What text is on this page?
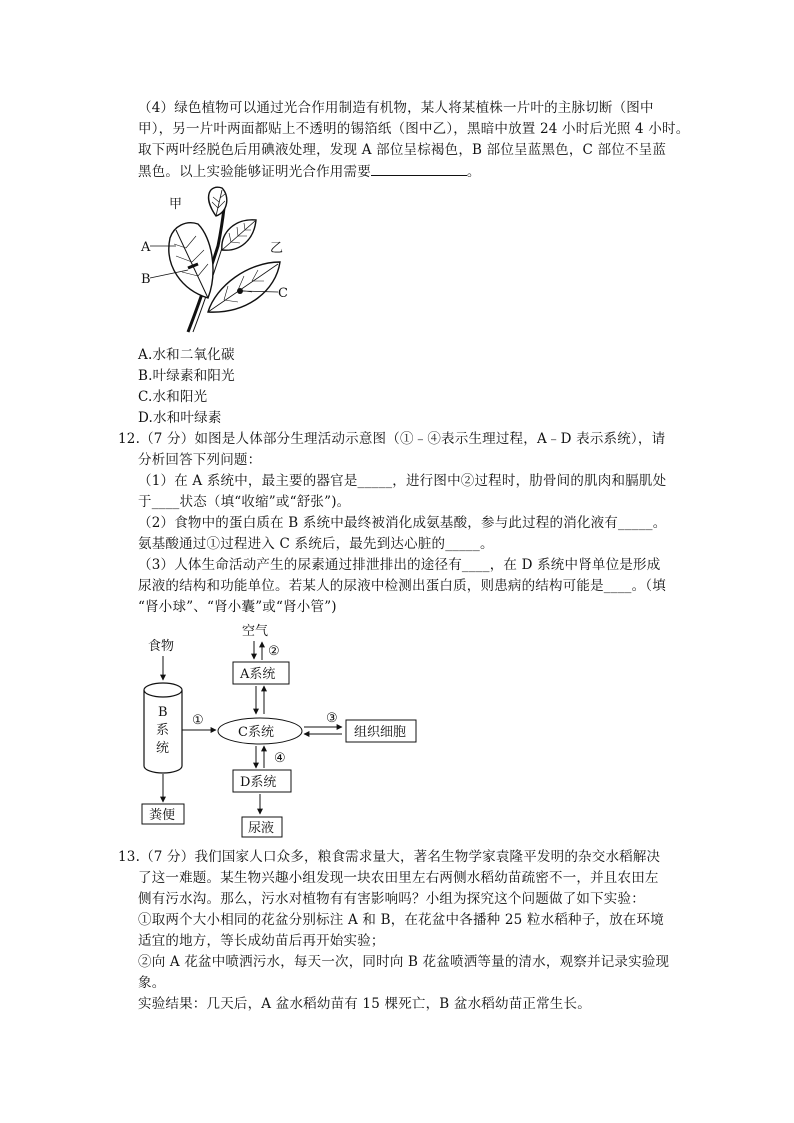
（4）绿色植物可以通过光合作用制造有机物，某人将某植株一片叶的主脉切断（图中
甲），另一片叶两面都贴上不透明的锡箔纸（图中乙），黑暗中放置 24 小时后光照 4 小时。
取下两叶经脱色后用碘液处理，发现 A 部位呈棕褐色，B 部位呈蓝黑色，C 部位不呈蓝
黑色。以上实验能够证明光合作用需要	。
甲
A
B
乙
C
A.水和二氧化碳
B.叶绿素和阳光
C.水和阳光
D.水和叶绿素
12.（7 分）如图是人体部分生理活动示意图（①﹣④表示生理过程，A﹣D 表示系统），请
分析回答下列问题：
（1）在 A 系统中，最主要的器官是_____，进行图中②过程时，肋骨间的肌肉和膈肌处
于____状态（填“收缩”或“舒张”)。
（2）食物中的蛋白质在 B 系统中最终被消化成氨基酸，参与此过程的消化液有_____。
氨基酸通过①过程进入 C 系统后，最先到达心脏的_____。
（3）人体生命活动产生的尿素通过排泄排出的途径有____，在 D 系统中肾单位是形成
尿液的结构和功能单位。若某人的尿液中检测出蛋白质，则患病的结构可能是____。（填
“肾小球”、“肾小囊”或“肾小管”)
食物
B
系
统
粪便
①
空气
②
A系统
C系统
③
组织细胞
④
D系统
尿液
13.（7 分）我们国家人口众多，粮食需求量大，著名生物学家袁隆平发明的杂交水稻解决
了这一难题。某生物兴趣小组发现一块农田里左右两侧水稻幼苗疏密不一，并且农田左
侧有污水沟。那么，污水对植物有有害影响吗？小组为探究这个问题做了如下实验：
①取两个大小相同的花盆分别标注 A 和 B，在花盆中各播种 25 粒水稻种子，放在环境
适宜的地方，等长成幼苗后再开始实验；
②向 A 花盆中喷洒污水，每天一次，同时向 B 花盆喷洒等量的清水，观察并记录实验现
象。
实验结果：几天后，A 盆水稻幼苗有 15 棵死亡，B 盆水稻幼苗正常生长。
